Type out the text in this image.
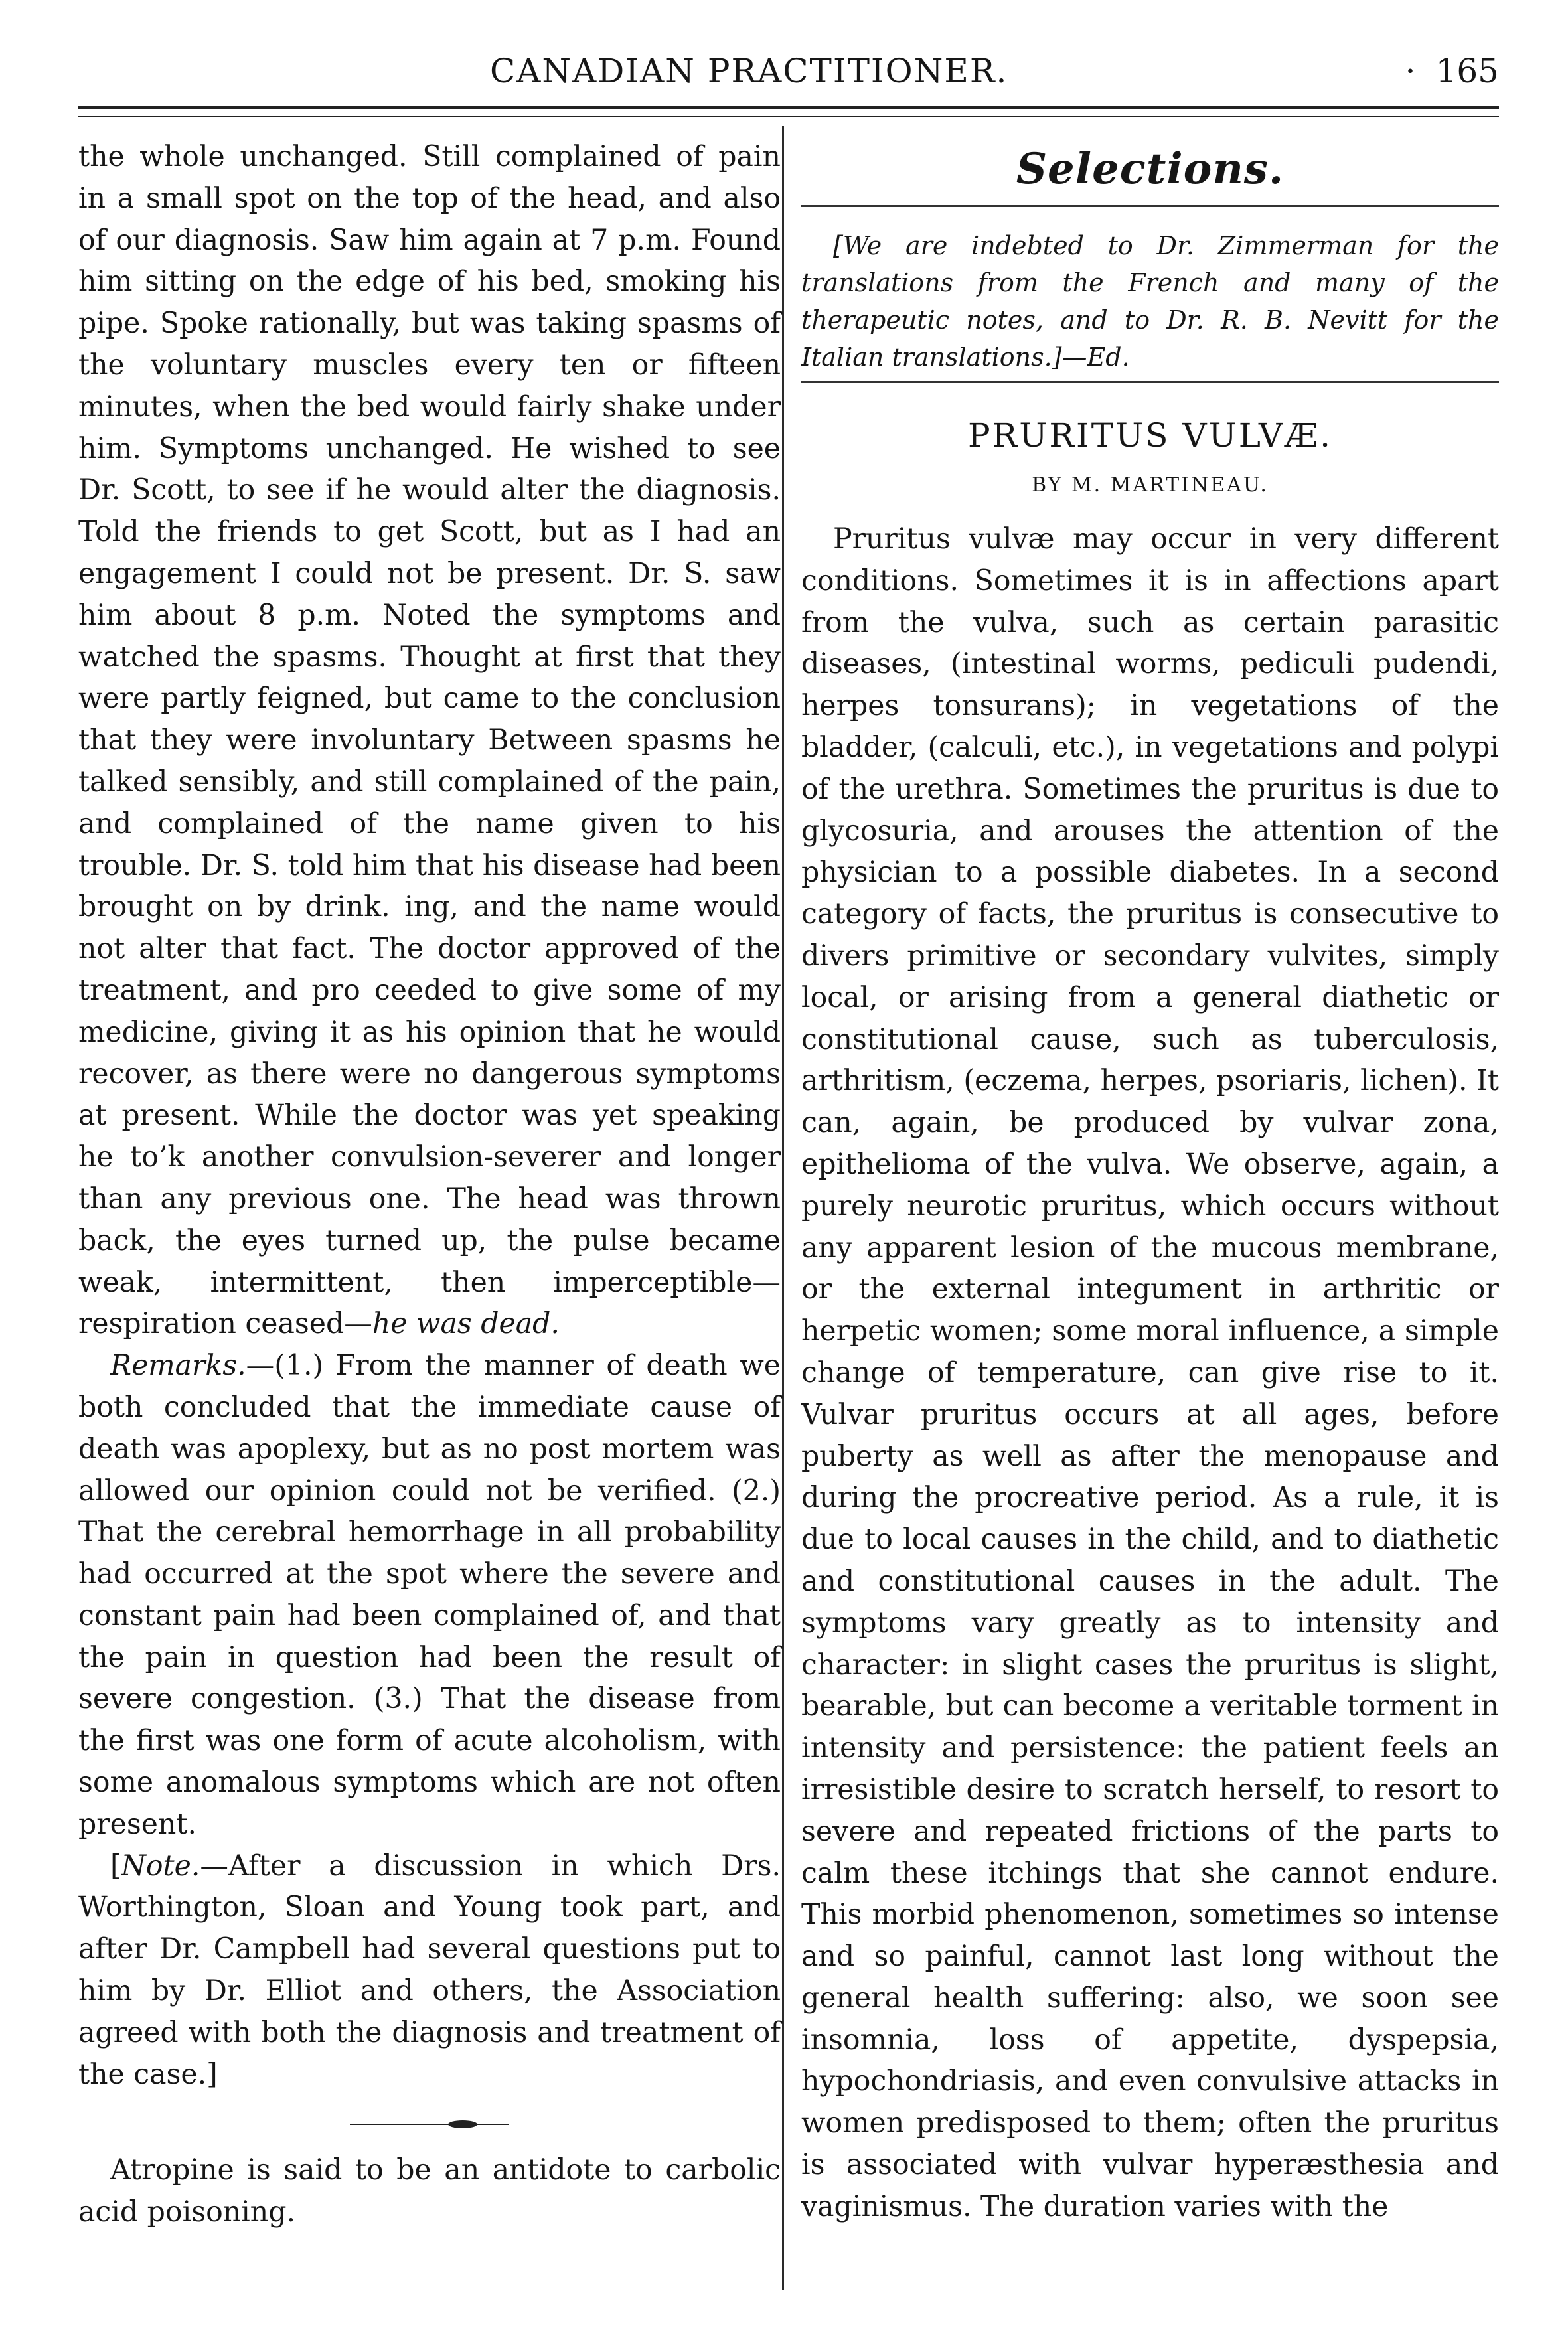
CANADIAN PRACTITIONER.
·	165

the whole unchanged. Still complained of pain in a small spot on the top of the head, and also of our diagnosis. Saw him again at 7 p.m. Found him sitting on the edge of his bed, smoking his pipe. Spoke rationally, but was taking spasms of the voluntary muscles every ten or fifteen minutes, when the bed would fairly shake under him. Symptoms unchanged. He wished to see Dr. Scott, to see if he would alter the diagnosis. Told the friends to get Scott, but as I had an engagement I could not be present. Dr. S. saw him about 8 p.m. Noted the symptoms and watched the spasms. Thought at first that they were partly feigned, but came to the conclusion that they were involuntary Between spasms he talked sensibly, and still complained of the pain, and complained of the name given to his trouble. Dr. S. told him that his disease had been brought on by drink. ing, and the name would not alter that fact. The doctor approved of the treatment, and pro ceeded to give some of my medicine, giving it as his opinion that he would recover, as there were no dangerous symptoms at present. While the doctor was yet speaking he to’k another convulsion-severer and longer than any previous one. The head was thrown back, the eyes turned up, the pulse became weak, intermittent, then imperceptible—respiration ceased—he was dead.

Remarks.—(1.) From the manner of death we both concluded that the immediate cause of death was apoplexy, but as no post mortem was allowed our opinion could not be verified. (2.) That the cerebral hemorrhage in all probability had occurred at the spot where the severe and constant pain had been complained of, and that the pain in question had been the result of severe congestion. (3.) That the disease from the first was one form of acute alcoholism, with some anomalous symptoms which are not often present.

[Note.—After a discussion in which Drs. Worthington, Sloan and Young took part, and after Dr. Campbell had several questions put to him by Dr. Elliot and others, the Association agreed with both the diagnosis and treatment of the case.]

Atropine is said to be an antidote to carbolic acid poisoning.

Selections.

[We are indebted to Dr. Zimmerman for the translations from the French and many of the therapeutic notes, and to Dr. R. B. Nevitt for the Italian translations.]—Ed.

PRURITUS VULVÆ.
BY M. MARTINEAU.

Pruritus vulvæ may occur in very different conditions. Sometimes it is in affections apart from the vulva, such as certain parasitic diseases, (intestinal worms, pediculi pudendi, herpes tonsurans); in vegetations of the bladder, (calculi, etc.), in vegetations and polypi of the urethra. Sometimes the pruritus is due to glycosuria, and arouses the attention of the physician to a possible diabetes. In a second category of facts, the pruritus is consecutive to divers primitive or secondary vulvites, simply local, or arising from a general diathetic or constitutional cause, such as tuberculosis, arthritism, (eczema, herpes, psoriaris, lichen). It can, again, be produced by vulvar zona, epithelioma of the vulva. We observe, again, a purely neurotic pruritus, which occurs without any apparent lesion of the mucous membrane, or the external integument in arthritic or herpetic women; some moral influence, a simple change of temperature, can give rise to it. Vulvar pruritus occurs at all ages, before puberty as well as after the menopause and during the procreative period. As a rule, it is due to local causes in the child, and to diathetic and constitutional causes in the adult. The symptoms vary greatly as to intensity and character: in slight cases the pruritus is slight, bearable, but can become a veritable torment in intensity and persistence: the patient feels an irresistible desire to scratch herself, to resort to severe and repeated frictions of the parts to calm these itchings that she cannot endure. This morbid phenomenon, sometimes so intense and so painful, cannot last long without the general health suffering: also, we soon see insomnia, loss of appetite, dyspepsia, hypochondriasis, and even convulsive attacks in women predisposed to them; often the pruritus is associated with vulvar hyperæsthesia and vaginismus. The duration varies with the
